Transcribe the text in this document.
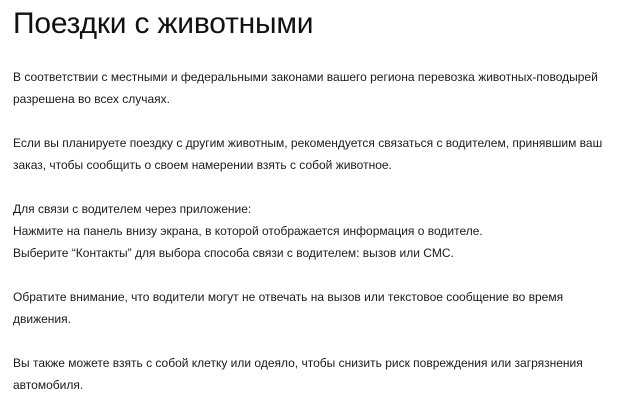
Поездки с животными

В соответствии с местными и федеральными законами вашего региона перевозка животных-поводырей
разрешена во всех случаях.

Если вы планируете поездку с другим животным, рекомендуется связаться с водителем, принявшим ваш
заказ, чтобы сообщить о своем намерении взять с собой животное.

Для связи с водителем через приложение:
Нажмите на панель внизу экрана, в которой отображается информация о водителе.
Выберите “Контакты” для выбора способа связи с водителем: вызов или СМС.

Обратите внимание, что водители могут не отвечать на вызов или текстовое сообщение во время
движения.

Вы также можете взять с собой клетку или одеяло, чтобы снизить риск повреждения или загрязнения
автомобиля.
